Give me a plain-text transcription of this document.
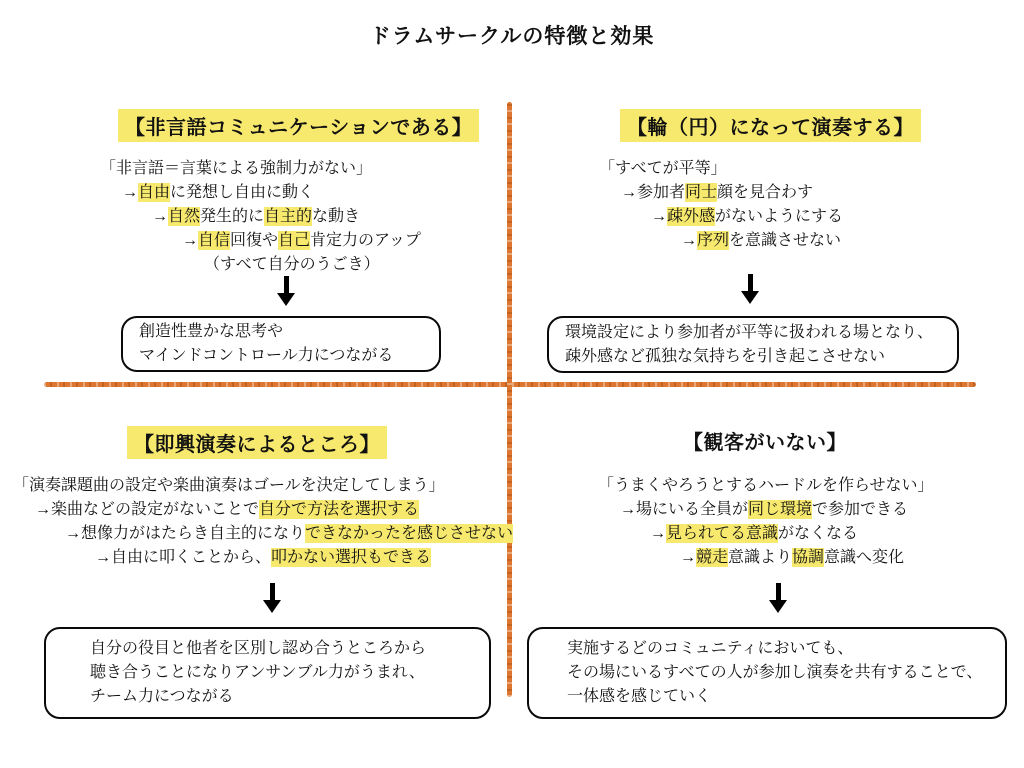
ドラムサークルの特徴と効果
【非言語コミュニケーションである】
「非言語＝言葉による強制力がない」
→自由に発想し自由に動く
→自然発生的に自主的な動き
→自信回復や自己肯定力のアップ
（すべて自分のうごき）
創造性豊かな思考や
マインドコントロール力につながる
【輪（円）になって演奏する】
「すべてが平等」
→参加者同士顔を見合わす
→疎外感がないようにする
→序列を意識させない
環境設定により参加者が平等に扱われる場となり、
疎外感など孤独な気持ちを引き起こさせない
【即興演奏によるところ】
「演奏課題曲の設定や楽曲演奏はゴールを決定してしまう」
→楽曲などの設定がないことで自分で方法を選択する
→想像力がはたらき自主的になりできなかったを感じさせない
→自由に叩くことから、叩かない選択もできる
自分の役目と他者を区別し認め合うところから
聴き合うことになりアンサンブル力がうまれ、
チーム力につながる
【観客がいない】
「うまくやろうとするハードルを作らせない」
→場にいる全員が同じ環境で参加できる
→見られてる意識がなくなる
→競走意識より協調意識へ変化
実施するどのコミュニティにおいても、
その場にいるすべての人が参加し演奏を共有することで、
一体感を感じていく
